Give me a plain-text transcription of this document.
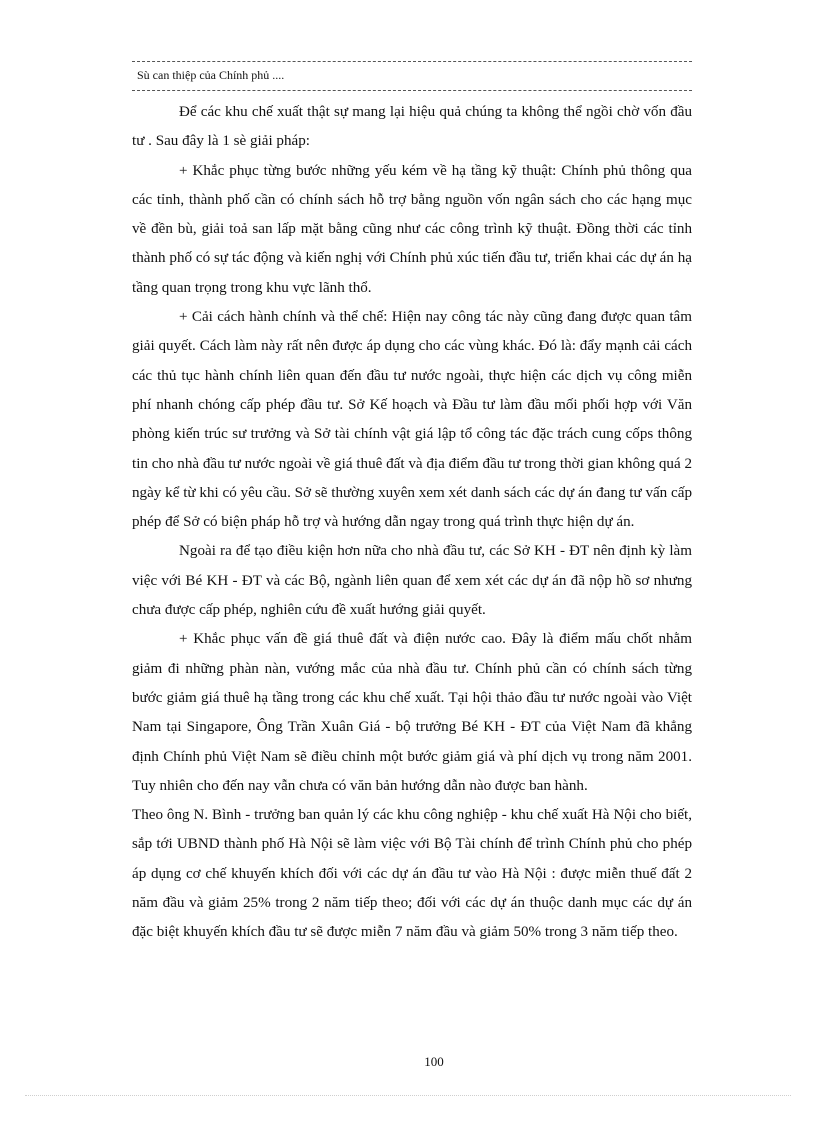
Sù can thiệp của Chính phủ ....

Để các khu chế xuất thật sự mang lại hiệu quả chúng ta không thể ngồi chờ vốn đầu tư . Sau đây là 1 sè giải pháp:

+ Khắc phục từng bước những yếu kém về hạ tầng kỹ thuật: Chính phủ thông qua các tỉnh, thành phố cần có chính sách hỗ trợ bằng nguồn vốn ngân sách cho các hạng mục về đền bù, giải toả san lấp mặt bằng cũng như các công trình kỹ thuật. Đồng thời các tỉnh thành phố có sự tác động và kiến nghị với Chính phủ xúc tiến đầu tư, triển khai các dự án hạ tầng quan trọng trong khu vực lãnh thổ.

+ Cải cách hành chính và thể chế: Hiện nay công tác này cũng đang được quan tâm giải quyết. Cách làm này rất nên được áp dụng cho các vùng khác. Đó là: đẩy mạnh cải cách các thủ tục hành chính liên quan đến đầu tư nước ngoài, thực hiện các dịch vụ công miễn phí nhanh chóng cấp phép đầu tư. Sở Kế hoạch và Đầu tư làm đầu mối phối hợp với Văn phòng kiến trúc sư trưởng và Sở tài chính vật giá lập tổ công tác đặc trách cung cốps thông tin cho nhà đầu tư nước ngoài về giá thuê đất và địa điểm đầu tư trong thời gian không quá 2 ngày kể từ khi có yêu cầu. Sở sẽ thường xuyên xem xét danh sách các dự án đang tư vấn cấp phép để Sở có biện pháp hỗ trợ và hướng dẫn ngay trong quá trình thực hiện dự án.

Ngoài ra để tạo điều kiện hơn nữa cho nhà đầu tư, các Sở KH - ĐT nên định kỳ làm việc với Bé KH - ĐT và các Bộ, ngành liên quan để xem xét các dự án đã nộp hồ sơ nhưng chưa được cấp phép, nghiên cứu đề xuất hướng giải quyết.

+ Khắc phục vấn đề giá thuê đất và điện nước cao. Đây là điểm mấu chốt nhằm giảm đi những phàn nàn, vướng mắc của nhà đầu tư. Chính phủ cần có chính sách từng bước giảm giá thuê hạ tầng trong các khu chế xuất. Tại hội thảo đầu tư nước ngoài vào Việt Nam tại Singapore, Ông Trần Xuân Giá - bộ trưởng Bé KH - ĐT của Việt Nam đã khẳng định Chính phủ Việt Nam sẽ điều chỉnh một bước giảm giá và phí dịch vụ trong năm 2001. Tuy nhiên cho đến nay vẫn chưa có văn bản hướng dẫn nào được ban hành.

Theo ông N. Bình - trưởng ban quản lý các khu công nghiệp - khu chế xuất Hà Nội cho biết, sắp tới UBND thành phố Hà Nội sẽ làm việc với Bộ Tài chính để trình Chính phủ cho phép áp dụng cơ chế khuyến khích đối với các dự án đầu tư vào Hà Nội : được miễn thuế đất 2 năm đầu và giảm 25% trong 2 năm tiếp theo; đối với các dự án thuộc danh mục các dự án đặc biệt khuyến khích đầu tư sẽ được miễn 7 năm đầu và giảm 50% trong 3 năm tiếp theo.

100
